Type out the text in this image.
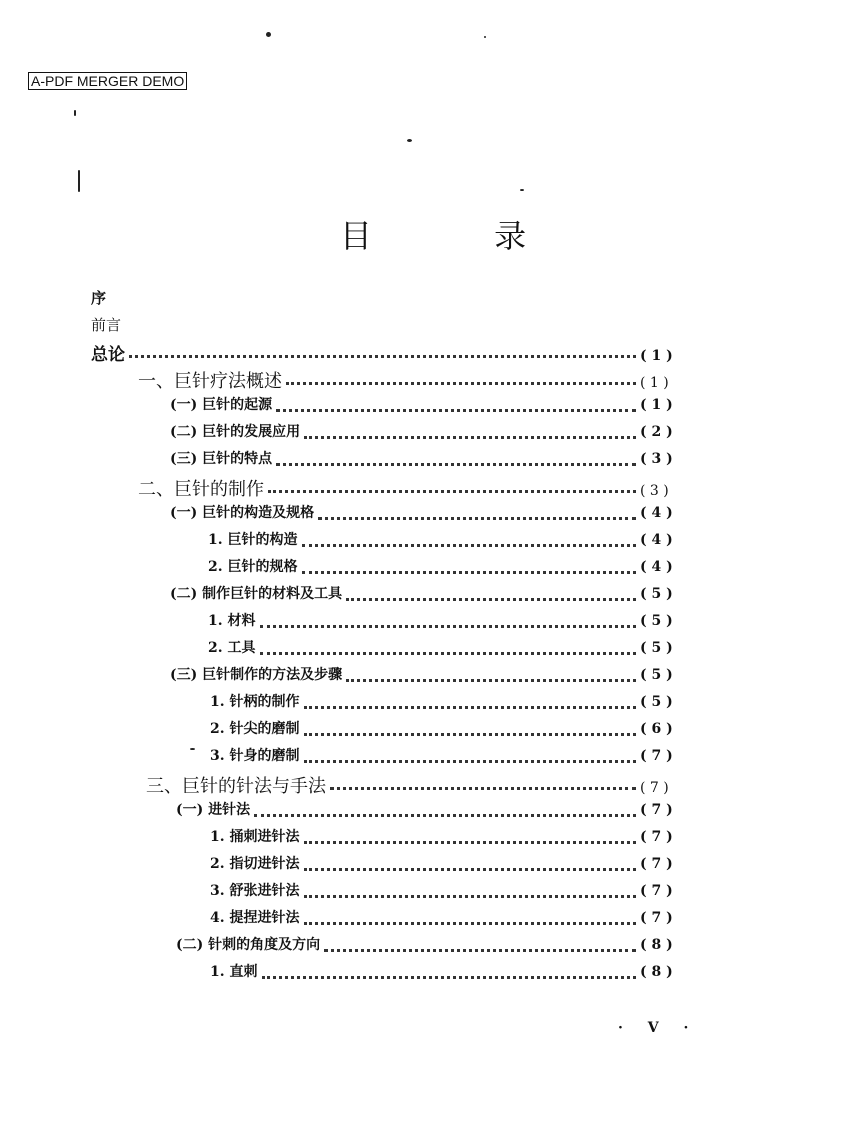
A-PDF MERGER DEMO
目 录
序
前言
总论	( 1 )
一、巨针疗法概述	( 1 )
(一) 巨针的起源	( 1 )
(二) 巨针的发展应用	( 2 )
(三) 巨针的特点	( 3 )
二、巨针的制作	( 3 )
(一) 巨针的构造及规格	( 4 )
1. 巨针的构造	( 4 )
2. 巨针的规格	( 4 )
(二) 制作巨针的材料及工具	( 5 )
1. 材料	( 5 )
2. 工具	( 5 )
(三) 巨针制作的方法及步骤	( 5 )
1. 针柄的制作	( 5 )
2. 针尖的磨制	( 6 )
3. 针身的磨制	( 7 )
三、巨针的针法与手法	( 7 )
(一) 进针法	( 7 )
1. 捅刺进针法	( 7 )
2. 指切进针法	( 7 )
3. 舒张进针法	( 7 )
4. 提捏进针法	( 7 )
(二) 针刺的角度及方向	( 8 )
1. 直刺	( 8 )
· Ⅴ ·
